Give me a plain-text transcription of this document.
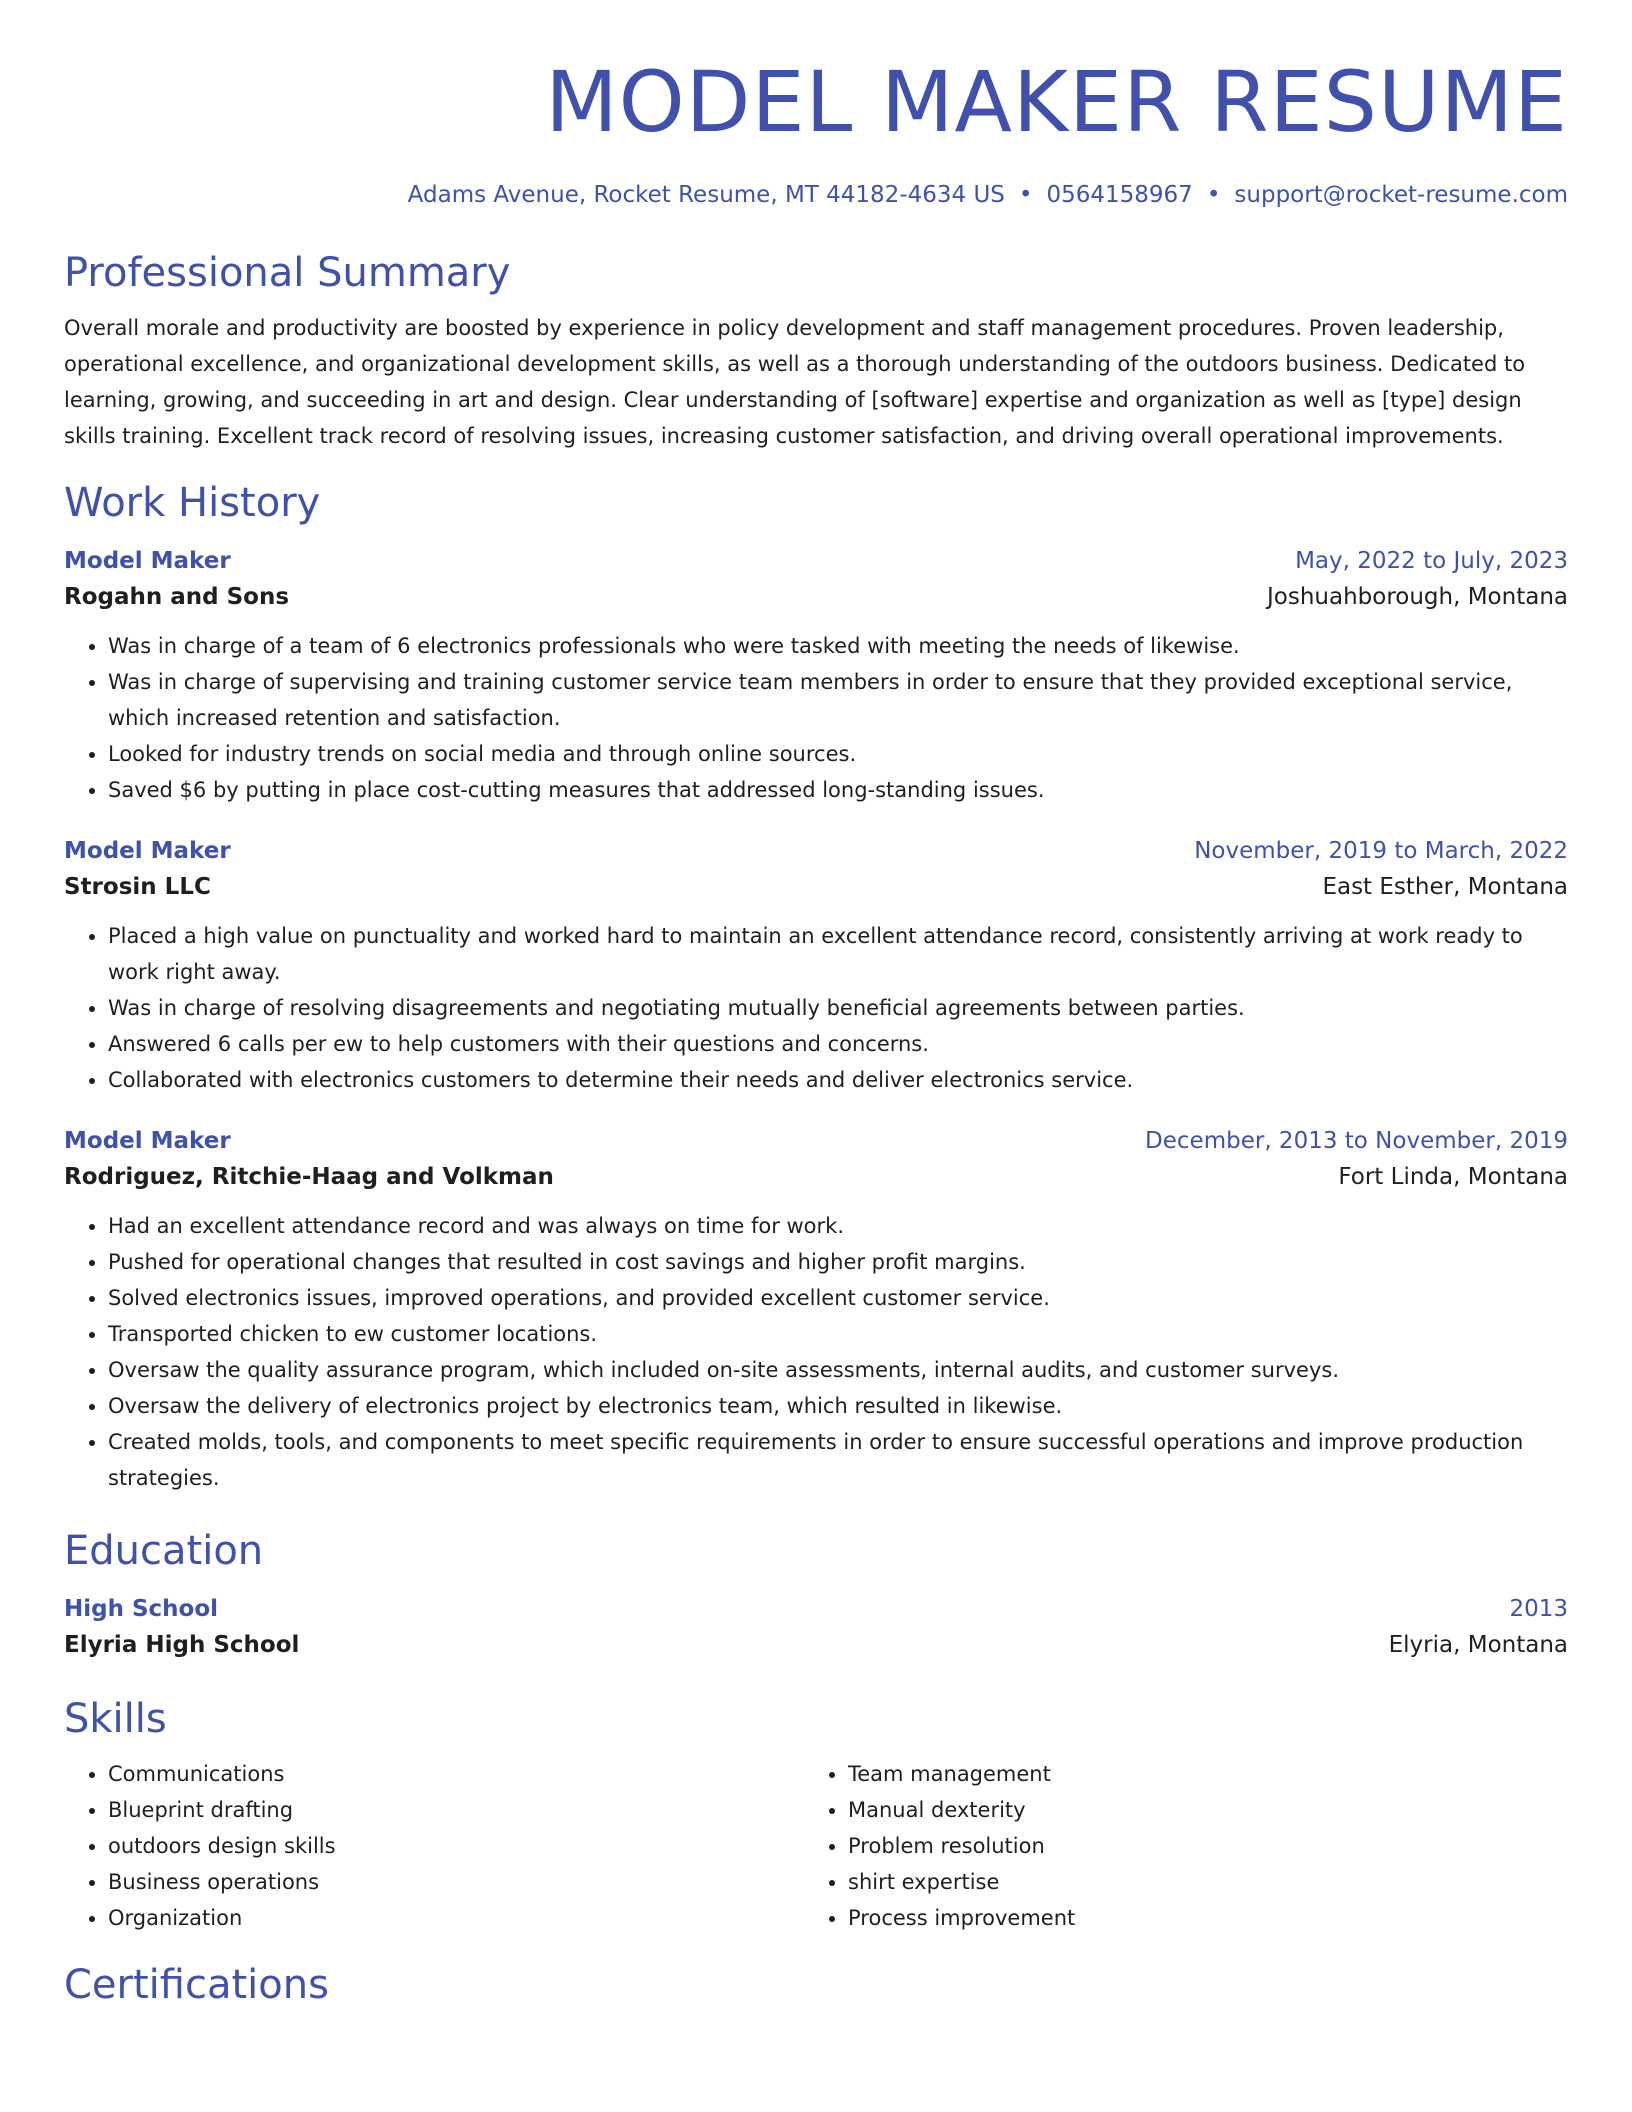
MODEL MAKER RESUME
Adams Avenue, Rocket Resume, MT 44182-4634 US • 0564158967 • support@rocket-resume.com
Professional Summary
Overall morale and productivity are boosted by experience in policy development and staff management procedures. Proven leadership, operational excellence, and organizational development skills, as well as a thorough understanding of the outdoors business. Dedicated to learning, growing, and succeeding in art and design. Clear understanding of [software] expertise and organization as well as [type] design skills training. Excellent track record of resolving issues, increasing customer satisfaction, and driving overall operational improvements.
Work History
Model Maker	May, 2022 to July, 2023
Rogahn and Sons	Joshuahborough, Montana
• Was in charge of a team of 6 electronics professionals who were tasked with meeting the needs of likewise.
• Was in charge of supervising and training customer service team members in order to ensure that they provided exceptional service, which increased retention and satisfaction.
• Looked for industry trends on social media and through online sources.
• Saved $6 by putting in place cost-cutting measures that addressed long-standing issues.
Model Maker	November, 2019 to March, 2022
Strosin LLC	East Esther, Montana
• Placed a high value on punctuality and worked hard to maintain an excellent attendance record, consistently arriving at work ready to work right away.
• Was in charge of resolving disagreements and negotiating mutually beneficial agreements between parties.
• Answered 6 calls per ew to help customers with their questions and concerns.
• Collaborated with electronics customers to determine their needs and deliver electronics service.
Model Maker	December, 2013 to November, 2019
Rodriguez, Ritchie-Haag and Volkman	Fort Linda, Montana
• Had an excellent attendance record and was always on time for work.
• Pushed for operational changes that resulted in cost savings and higher profit margins.
• Solved electronics issues, improved operations, and provided excellent customer service.
• Transported chicken to ew customer locations.
• Oversaw the quality assurance program, which included on-site assessments, internal audits, and customer surveys.
• Oversaw the delivery of electronics project by electronics team, which resulted in likewise.
• Created molds, tools, and components to meet specific requirements in order to ensure successful operations and improve production strategies.
Education
High School	2013
Elyria High School	Elyria, Montana
Skills
• Communications
• Blueprint drafting
• outdoors design skills
• Business operations
• Organization
• Team management
• Manual dexterity
• Problem resolution
• shirt expertise
• Process improvement
Certifications
